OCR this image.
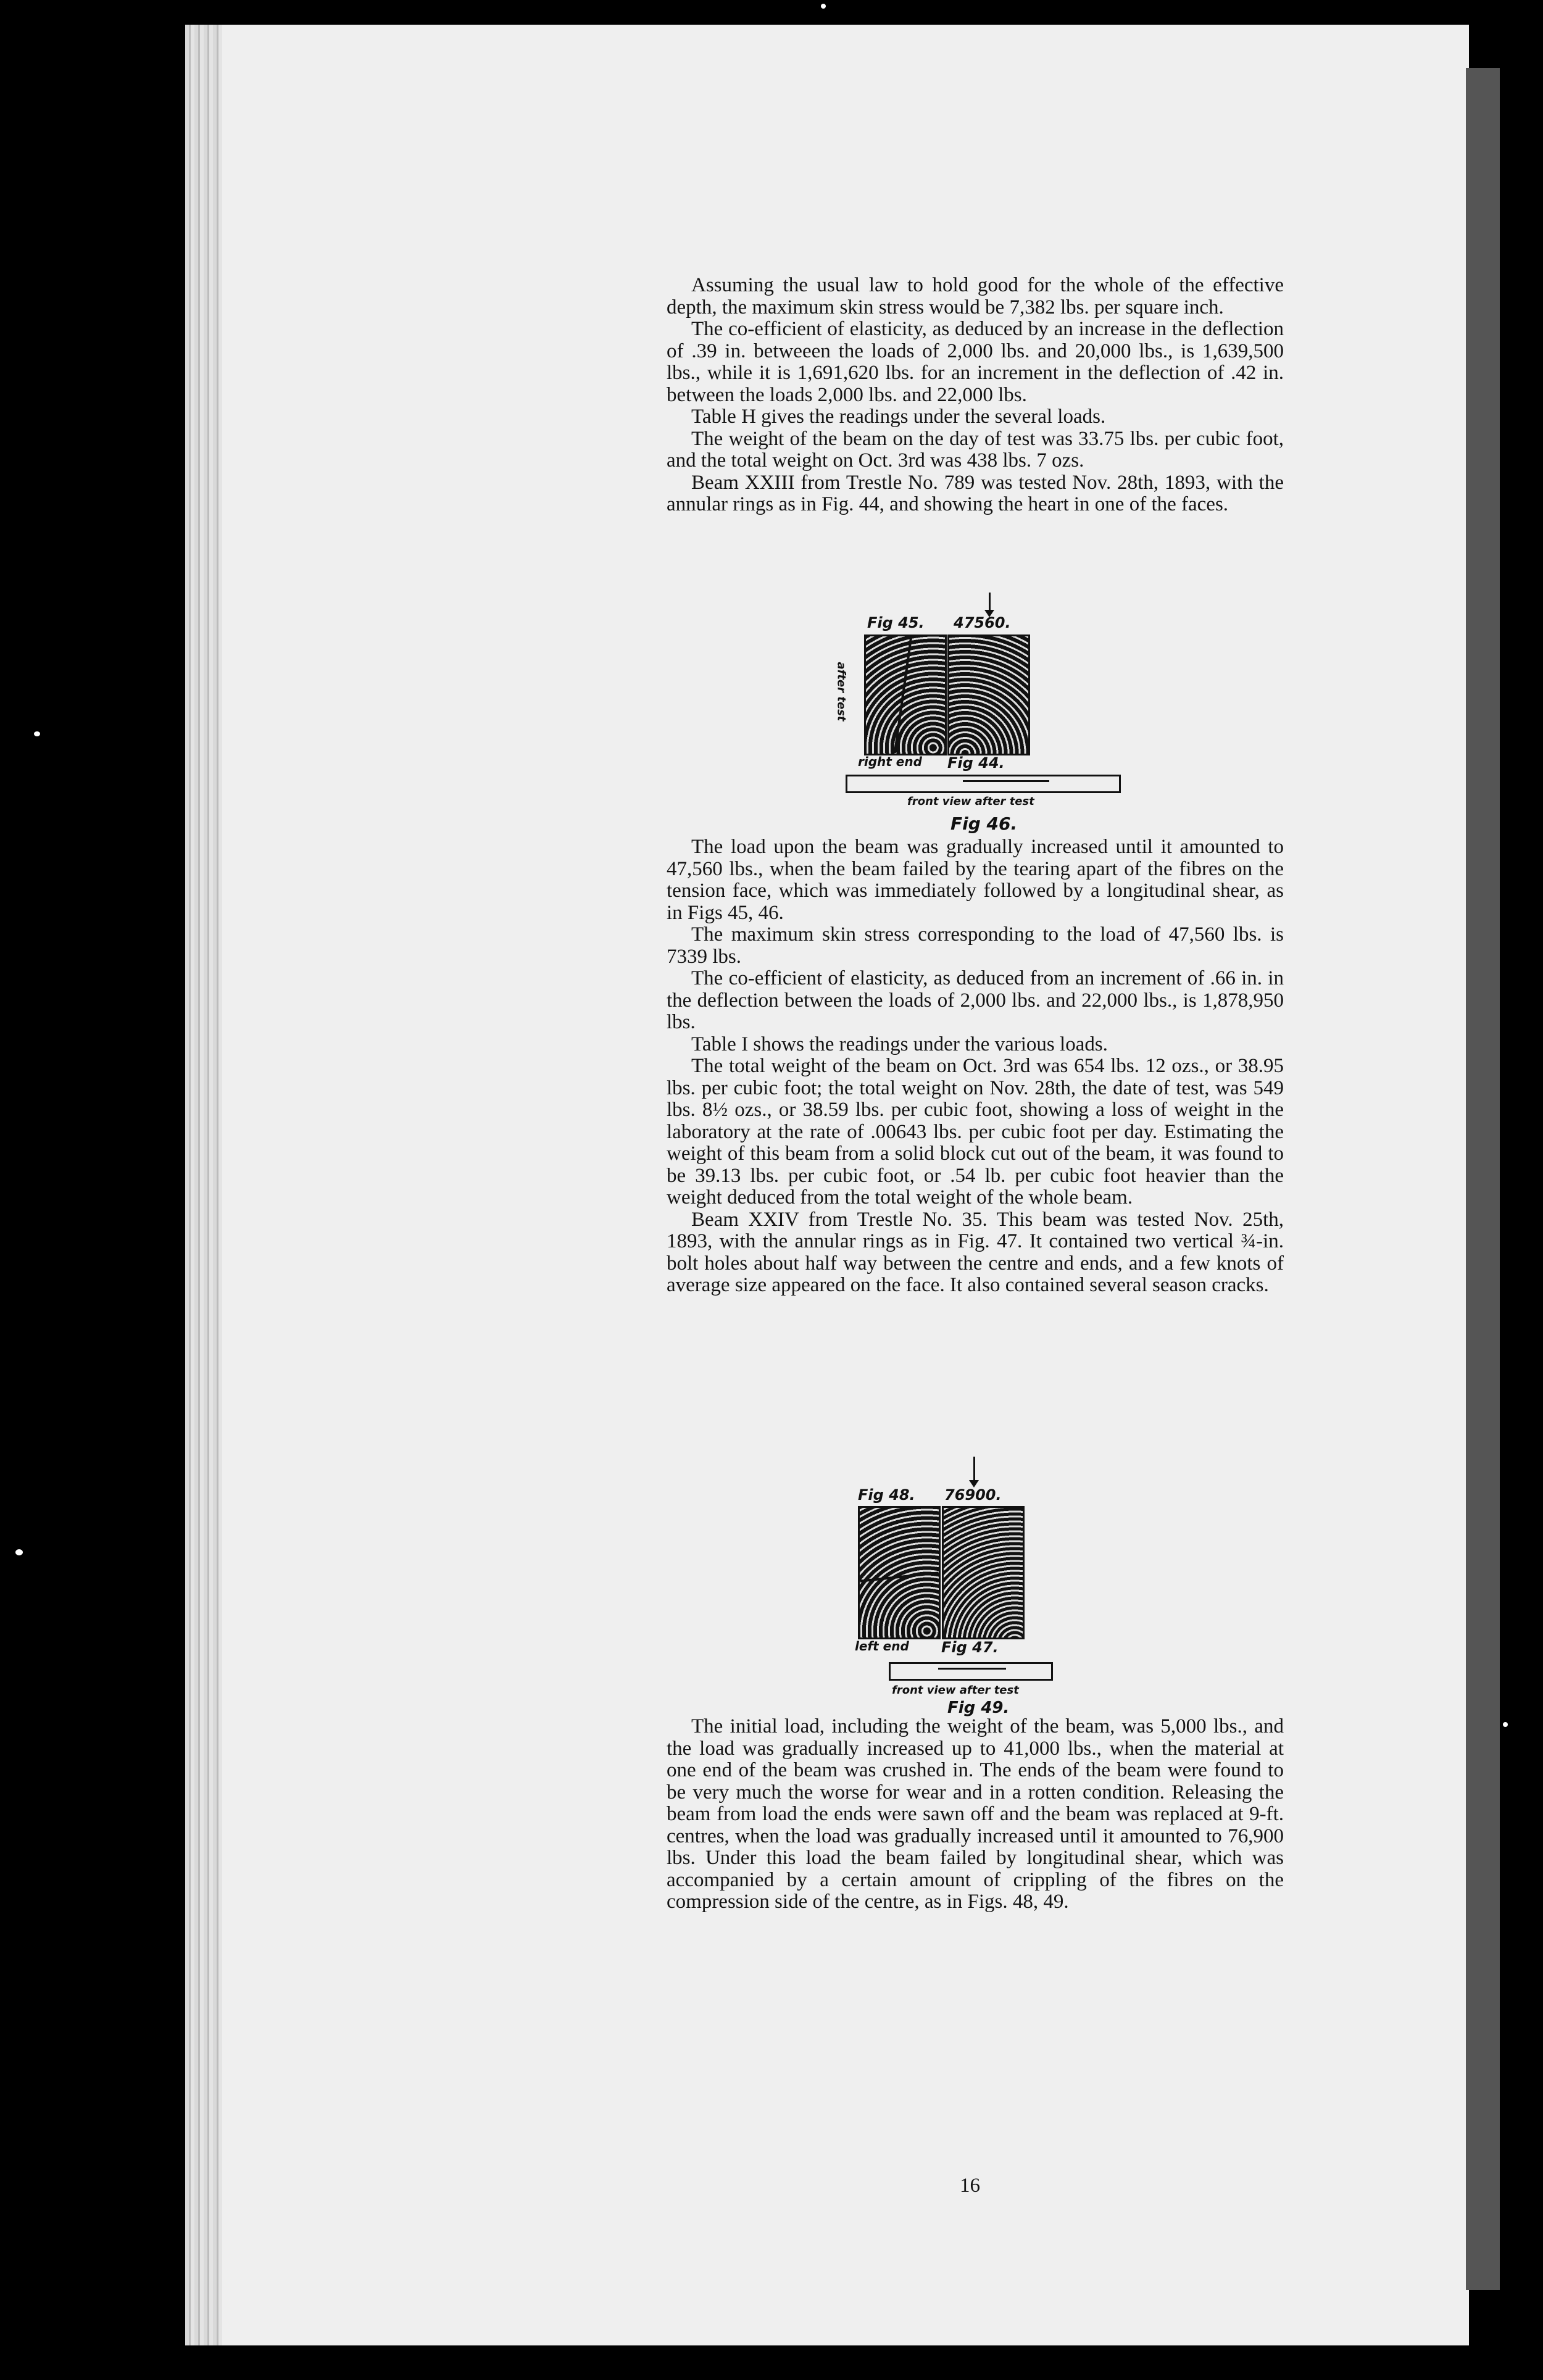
Assuming the usual law to hold good for the whole of the effective depth, the maximum skin stress would be 7,382 lbs. per square inch.

The co-efficient of elasticity, as deduced by an increase in the deflection of .39 in. betweeen the loads of 2,000 lbs. and 20,000 lbs., is 1,639,500 lbs., while it is 1,691,620 lbs. for an increment in the deflection of .42 in. between the loads 2,000 lbs. and 22,000 lbs.

Table H gives the readings under the several loads.

The weight of the beam on the day of test was 33.75 lbs. per cubic foot, and the total weight on Oct. 3rd was 438 lbs. 7 ozs.

Beam XXIII from Trestle No. 789 was tested Nov. 28th, 1893, with the annular rings as in Fig. 44, and showing the heart in one of the faces.

Fig 45. 47560.
after test
right end Fig 44.
front view after test
Fig 46.

The load upon the beam was gradually increased until it amounted to 47,560 lbs., when the beam failed by the tearing apart of the fibres on the tension face, which was immediately followed by a longitudinal shear, as in Figs 45, 46.

The maximum skin stress corresponding to the load of 47,560 lbs. is 7339 lbs.

The co-efficient of elasticity, as deduced from an increment of .66 in. in the deflection between the loads of 2,000 lbs. and 22,000 lbs., is 1,878,950 lbs.

Table I shows the readings under the various loads.

The total weight of the beam on Oct. 3rd was 654 lbs. 12 ozs., or 38.95 lbs. per cubic foot; the total weight on Nov. 28th, the date of test, was 549 lbs. 8½ ozs., or 38.59 lbs. per cubic foot, showing a loss of weight in the laboratory at the rate of .00643 lbs. per cubic foot per day. Estimating the weight of this beam from a solid block cut out of the beam, it was found to be 39.13 lbs. per cubic foot, or .54 lb. per cubic foot heavier than the weight deduced from the total weight of the whole beam.

Beam XXIV from Trestle No. 35. This beam was tested Nov. 25th, 1893, with the annular rings as in Fig. 47. It contained two vertical ¾-in. bolt holes about half way between the centre and ends, and a few knots of average size appeared on the face. It also contained several season cracks.

Fig 48. 76900.
left end Fig 47.
front view after test
Fig 49.

The initial load, including the weight of the beam, was 5,000 lbs., and the load was gradually increased up to 41,000 lbs., when the material at one end of the beam was crushed in. The ends of the beam were found to be very much the worse for wear and in a rotten condition. Releasing the beam from load the ends were sawn off and the beam was replaced at 9-ft. centres, when the load was gradually increased until it amounted to 76,900 lbs. Under this load the beam failed by longitudinal shear, which was accompanied by a certain amount of crippling of the fibres on the compression side of the centre, as in Figs. 48, 49.

16
